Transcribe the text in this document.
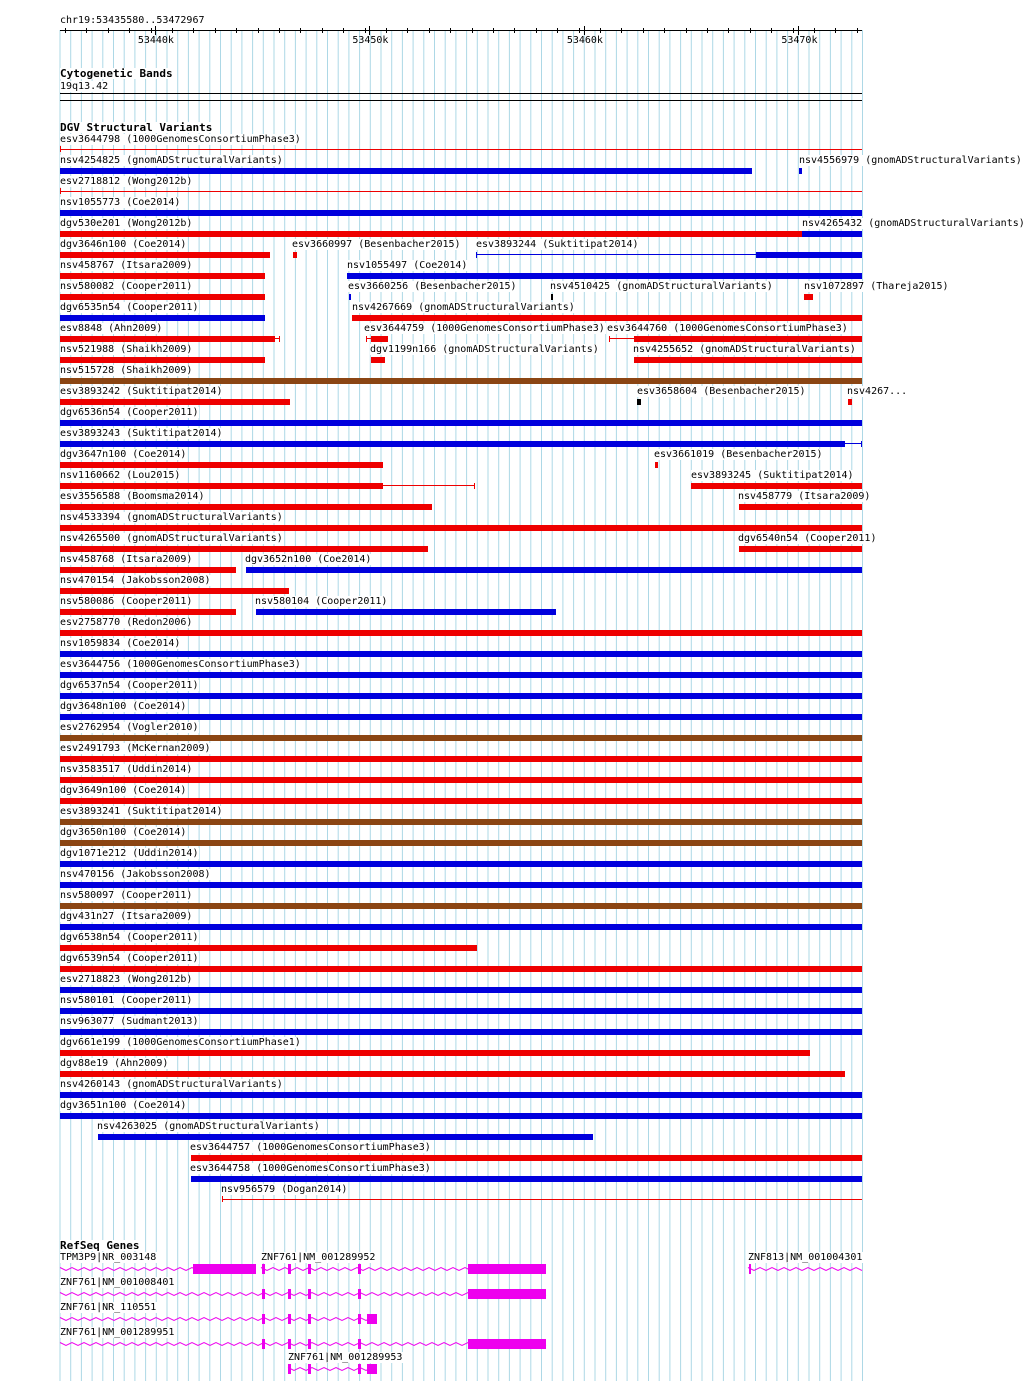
chr19:53435580..53472967
53440k	53450k	53460k	53470k
Cytogenetic Bands
19q13.42
DGV Structural Variants
esv3644798 (1000GenomesConsortiumPhase3)
nsv4254825 (gnomADStructuralVariants)	nsv4556979 (gnomADStructuralVariants)
esv2718812 (Wong2012b)
nsv1055773 (Coe2014)
dgv530e201 (Wong2012b)	nsv4265432 (gnomADStructuralVariants)
dgv3646n100 (Coe2014)	esv3660997 (Besenbacher2015) esv3893244 (Suktitipat2014)
nsv458767 (Itsara2009)	nsv1055497 (Coe2014)
nsv580082 (Cooper2011)	esv3660256 (Besenbacher2015)	nsv4510425 (gnomADStructuralVariants)	nsv1072897 (Thareja2015)
dgv6535n54 (Cooper2011)	nsv4267669 (gnomADStructuralVariants)
esv8848 (Ahn2009)	esv3644759 (1000GenomesConsortiumPhase3) esv3644760 (1000GenomesConsortiumPhase3)
nsv521988 (Shaikh2009)	dgv1199n166 (gnomADStructuralVariants)	nsv4255652 (gnomADStructuralVariants)
nsv515728 (Shaikh2009)
esv3893242 (Suktitipat2014)	esv3658604 (Besenbacher2015)	nsv4267...
dgv6536n54 (Cooper2011)
esv3893243 (Suktitipat2014)
dgv3647n100 (Coe2014)	esv3661019 (Besenbacher2015)
nsv1160662 (Lou2015)	esv3893245 (Suktitipat2014)
esv3556588 (Boomsma2014)	nsv458779 (Itsara2009)
nsv4533394 (gnomADStructuralVariants)
nsv4265500 (gnomADStructuralVariants)	dgv6540n54 (Cooper2011)
nsv458768 (Itsara2009)	dgv3652n100 (Coe2014)
nsv470154 (Jakobsson2008)
nsv580086 (Cooper2011)	nsv580104 (Cooper2011)
esv2758770 (Redon2006)
nsv1059834 (Coe2014)
esv3644756 (1000GenomesConsortiumPhase3)
dgv6537n54 (Cooper2011)
dgv3648n100 (Coe2014)
esv2762954 (Vogler2010)
esv2491793 (McKernan2009)
nsv3583517 (Uddin2014)
dgv3649n100 (Coe2014)
esv3893241 (Suktitipat2014)
dgv3650n100 (Coe2014)
dgv1071e212 (Uddin2014)
nsv470156 (Jakobsson2008)
nsv580097 (Cooper2011)
dgv431n27 (Itsara2009)
dgv6538n54 (Cooper2011)
dgv6539n54 (Cooper2011)
esv2718823 (Wong2012b)
nsv580101 (Cooper2011)
nsv963077 (Sudmant2013)
dgv661e199 (1000GenomesConsortiumPhase1)
dgv88e19 (Ahn2009)
nsv4260143 (gnomADStructuralVariants)
dgv3651n100 (Coe2014)
nsv4263025 (gnomADStructuralVariants)
esv3644757 (1000GenomesConsortiumPhase3)
esv3644758 (1000GenomesConsortiumPhase3)
nsv956579 (Dogan2014)
RefSeq Genes
TPM3P9|NR_003148	ZNF761|NM_001289952	ZNF813|NM_001004301
ZNF761|NM_001008401
ZNF761|NR_110551
ZNF761|NM_001289951
ZNF761|NM_001289953
